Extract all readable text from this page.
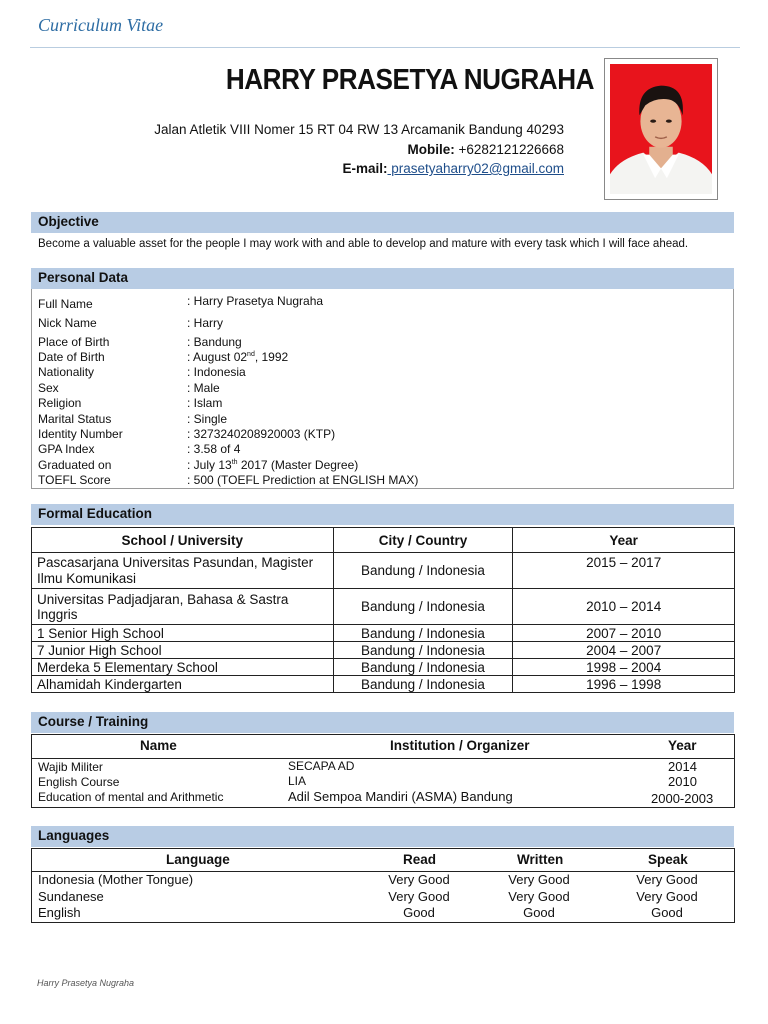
Curriculum Vitae
HARRY PRASETYA NUGRAHA
Jalan Atletik VIII Nomer 15 RT 04 RW 13 Arcamanik Bandung 40293
Mobile: +6282121226668
E-mail: prasetyaharry02@gmail.com
Objective
Become a valuable asset for the people I may work with and able to develop and mature with every task which I will face ahead.
Personal Data
Full Name	: Harry Prasetya Nugraha
Nick Name	: Harry
Place of Birth	: Bandung
Date of Birth	: August 02nd, 1992
Nationality	: Indonesia
Sex	: Male
Religion	: Islam
Marital Status	: Single
Identity Number	: 3273240208920003 (KTP)
GPA Index	: 3.58 of 4
Graduated on	: July 13th 2017 (Master Degree)
TOEFL Score	: 500 (TOEFL Prediction at ENGLISH MAX)
Formal Education
School / University	City / Country	Year
Pascasarjana Universitas Pasundan, Magister Ilmu Komunikasi	Bandung / Indonesia	2015 – 2017
Universitas Padjadjaran, Bahasa & Sastra Inggris	Bandung / Indonesia	2010 – 2014
1 Senior High School	Bandung / Indonesia	2007 – 2010
7 Junior High School	Bandung / Indonesia	2004 – 2007
Merdeka 5 Elementary School	Bandung / Indonesia	1998 – 2004
Alhamidah Kindergarten	Bandung / Indonesia	1996 – 1998
Course / Training
Name	Institution / Organizer	Year
Wajib Militer	SECAPA AD	2014
English Course	LIA	2010
Education of mental and Arithmetic	Adil Sempoa Mandiri (ASMA) Bandung	2000-2003
Languages
Language	Read	Written	Speak
Indonesia (Mother Tongue)	Very Good	Very Good	Very Good
Sundanese	Very Good	Very Good	Very Good
English	Good	Good	Good
Harry Prasetya Nugraha
